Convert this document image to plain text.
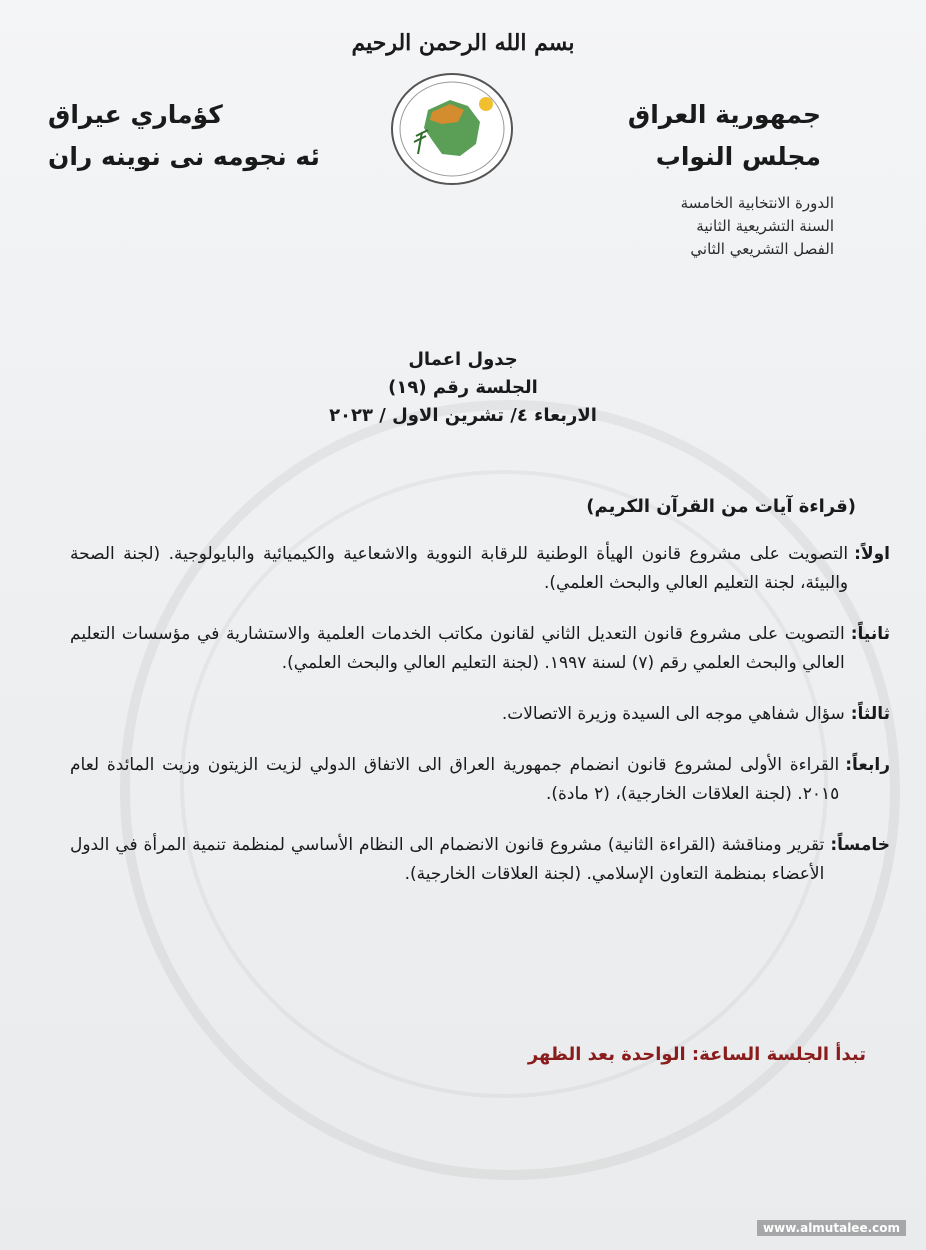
بسم الله الرحمن الرحيم
جمهورية العراق
مجلس النواب
كؤماري عيراق
ئه نجومه نى نوينه ران
الدورة الانتخابية الخامسة
السنة التشريعية الثانية
الفصل التشريعي الثاني
جدول اعمال
الجلسة رقم (١٩)
الاربعاء ٤/ تشرين الاول / ٢٠٢٣
(قراءة آيات من القرآن الكريم)
اولاً:
التصويت على مشروع قانون الهيأة الوطنية للرقابة النووية والاشعاعية والكيميائية والبايولوجية. (لجنة الصحة والبيئة، لجنة التعليم العالي والبحث العلمي).
ثانياً:
التصويت على مشروع قانون التعديل الثاني لقانون مكاتب الخدمات العلمية والاستشارية في مؤسسات التعليم العالي والبحث العلمي رقم (٧) لسنة ١٩٩٧. (لجنة التعليم العالي والبحث العلمي).
ثالثاً:
سؤال شفاهي موجه الى السيدة وزيرة الاتصالات.
رابعاً:
القراءة الأولى لمشروع قانون انضمام جمهورية العراق الى الاتفاق الدولي لزيت الزيتون وزيت المائدة لعام ٢٠١٥. (لجنة العلاقات الخارجية)، (٢ مادة).
خامساً:
تقرير ومناقشة (القراءة الثانية) مشروع قانون الانضمام الى النظام الأساسي لمنظمة تنمية المرأة في الدول الأعضاء بمنظمة التعاون الإسلامي. (لجنة العلاقات الخارجية).
تبدأ الجلسة الساعة: الواحدة بعد الظهر
www.almutalee.com
